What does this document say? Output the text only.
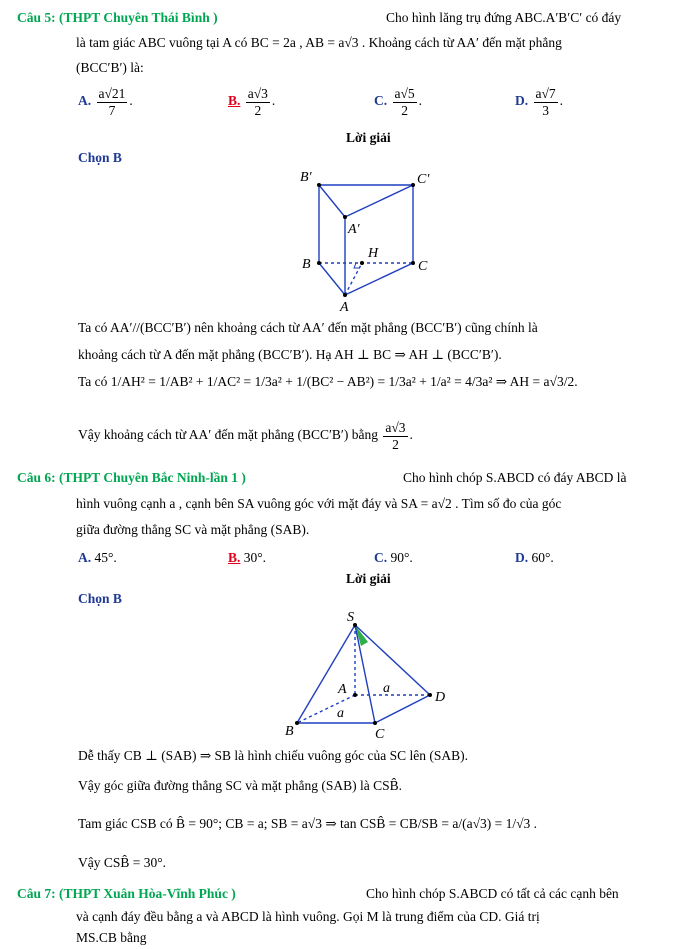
Câu 5: (THPT Chuyên Thái Bình )	Cho hình lăng trụ đứng ABC.A′B′C′ có đáy
là tam giác ABC vuông tại A có BC = 2a , AB = a√3 . Khoảng cách từ AA′ đến mặt phẳng
(BCC′B′) là:
A. $\frac{a√21}{7}$ .	B. $\frac{a√3}{2}$ .	C. $\frac{a√5}{2}$ .	D. $\frac{a√7}{3}$ .
Lời giải
Chọn B
B′	C′
A′
H
B	C
A
Ta có AA′//(BCC′B′) nên khoảng cách từ AA′ đến mặt phẳng (BCC′B′) cũng chính là
khoảng cách từ A đến mặt phẳng (BCC′B′). Hạ AH ⊥ BC ⇒ AH ⊥ (BCC′B′).
Ta có 1/AH² = 1/AB² + 1/AC² = 1/3a² + 1/(BC² − AB²) = 1/3a² + 1/a² = 4/3a² ⇒ AH = a√3/2.
Vậy khoảng cách từ AA′ đến mặt phẳng (BCC′B′) bằng $\frac{a√3}{2}$ .
Câu 6: (THPT Chuyên Bắc Ninh-lần 1 )	Cho hình chóp S.ABCD có đáy ABCD là
hình vuông cạnh a , cạnh bên SA vuông góc với mặt đáy và SA = a√2 . Tìm số đo của góc
giữa đường thẳng SC và mặt phẳng (SAB).
A. 45°.	B. 30°.	C. 90°.	D. 60°.
Lời giải
Chọn B
S
A	a
D
a
B	C
Dễ thấy CB ⊥ (SAB) ⇒ SB là hình chiếu vuông góc của SC lên (SAB).
Vậy góc giữa đường thẳng SC và mặt phẳng (SAB) là CSB̂.
Tam giác CSB có B̂ = 90°; CB = a; SB = a√3 ⇒ tan CSB̂ = CB/SB = a/(a√3) = 1/√3 .
Vậy CSB̂ = 30°.
Câu 7: (THPT Xuân Hòa-Vĩnh Phúc )	Cho hình chóp S.ABCD có tất cả các cạnh bên
và cạnh đáy đều bằng a và ABCD là hình vuông. Gọi M là trung điểm của CD. Giá trị
MS.CB bằng
